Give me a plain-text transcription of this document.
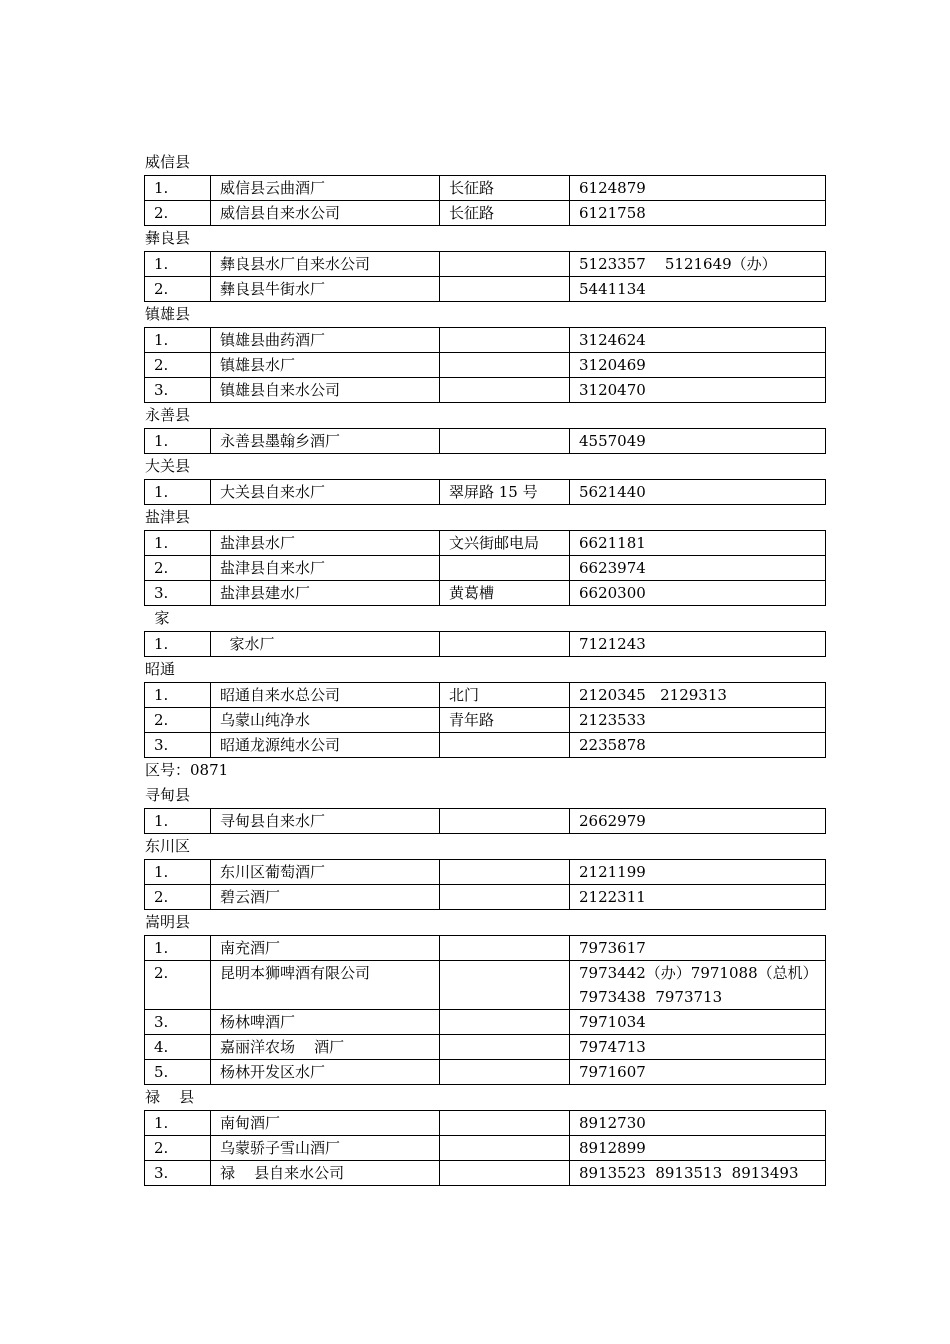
威信县
1.	威信县云曲酒厂	长征路	6124879
2.	威信县自来水公司	长征路	6121758
彝良县
1.	彝良县水厂自来水公司		5123357    5121649（办）
2.	彝良县牛街水厂		5441134
镇雄县
1.	镇雄县曲药酒厂		3124624
2.	镇雄县水厂		3120469
3.	镇雄县自来水公司		3120470
永善县
1.	永善县墨翰乡酒厂		4557049
大关县
1.	大关县自来水厂	翠屏路 15 号	5621440
盐津县
1.	盐津县水厂	文兴街邮电局	6621181
2.	盐津县自来水厂		6623974
3.	盐津县建水厂	黄葛槽	6620300
家
1.	家水厂		7121243
昭通
1.	昭通自来水总公司	北门	2120345   2129313
2.	乌蒙山纯净水	青年路	2123533
3.	昭通龙源纯水公司		2235878
区号：0871
寻甸县
1.	寻甸县自来水厂		2662979
东川区
1.	东川区葡萄酒厂		2121199
2.	碧云酒厂		2122311
嵩明县
1.	南充酒厂		7973617
2.	昆明本狮啤酒有限公司		7973442（办）7971088（总机）
7973438  7973713
3.	杨林啤酒厂		7971034
4.	嘉丽洋农场    酒厂		7974713
5.	杨林开发区水厂		7971607
禄    县
1.	南甸酒厂		8912730
2.	乌蒙骄子雪山酒厂		8912899
3.	禄    县自来水公司		8913523  8913513  8913493
